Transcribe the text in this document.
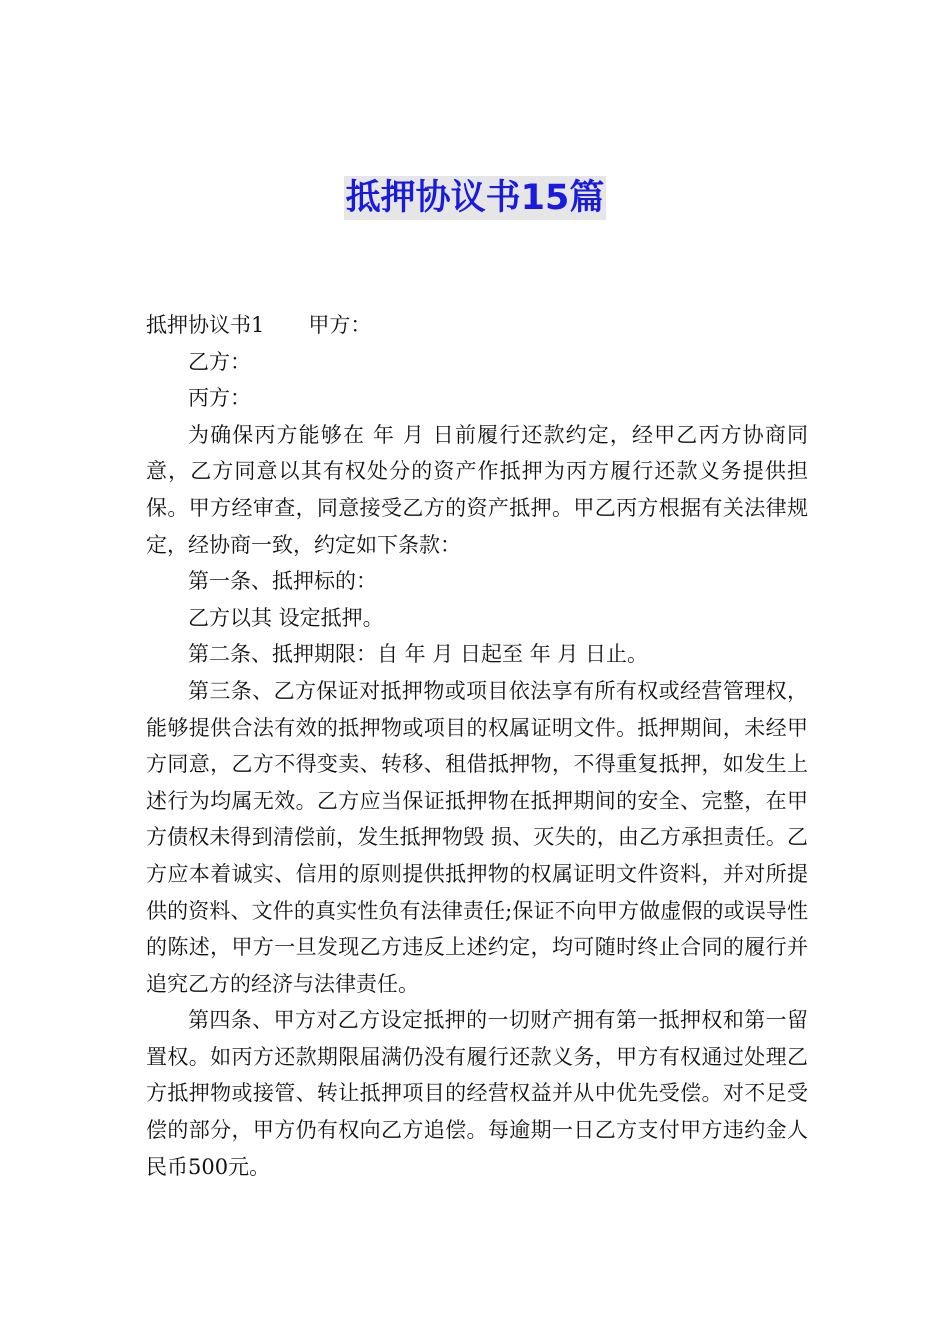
抵押协议书15篇

抵押协议书1 甲方：

乙方：

丙方：

为确保丙方能够在 年 月 日前履行还款约定，经甲乙丙方协商同意，乙方同意以其有权处分的资产作抵押为丙方履行还款义务提供担保。甲方经审查，同意接受乙方的资产抵押。甲乙丙方根据有关法律规定，经协商一致，约定如下条款：

第一条、抵押标的：

乙方以其 设定抵押。

第二条、抵押期限：自 年 月 日起至 年 月 日止。

第三条、乙方保证对抵押物或项目依法享有所有权或经营管理权，能够提供合法有效的抵押物或项目的权属证明文件。抵押期间，未经甲方同意，乙方不得变卖、转移、租借抵押物，不得重复抵押，如发生上述行为均属无效。乙方应当保证抵押物在抵押期间的安全、完整，在甲方债权未得到清偿前，发生抵押物毁 损、灭失的，由乙方承担责任。乙方应本着诚实、信用的原则提供抵押物的权属证明文件资料，并对所提供的资料、文件的真实性负有法律责任;保证不向甲方做虚假的或误导性的陈述，甲方一旦发现乙方违反上述约定，均可随时终止合同的履行并追究乙方的经济与法律责任。

第四条、甲方对乙方设定抵押的一切财产拥有第一抵押权和第一留置权。如丙方还款期限届满仍没有履行还款义务，甲方有权通过处理乙方抵押物或接管、转让抵押项目的经营权益并从中优先受偿。对不足受偿的部分，甲方仍有权向乙方追偿。每逾期一日乙方支付甲方违约金人民币500元。
